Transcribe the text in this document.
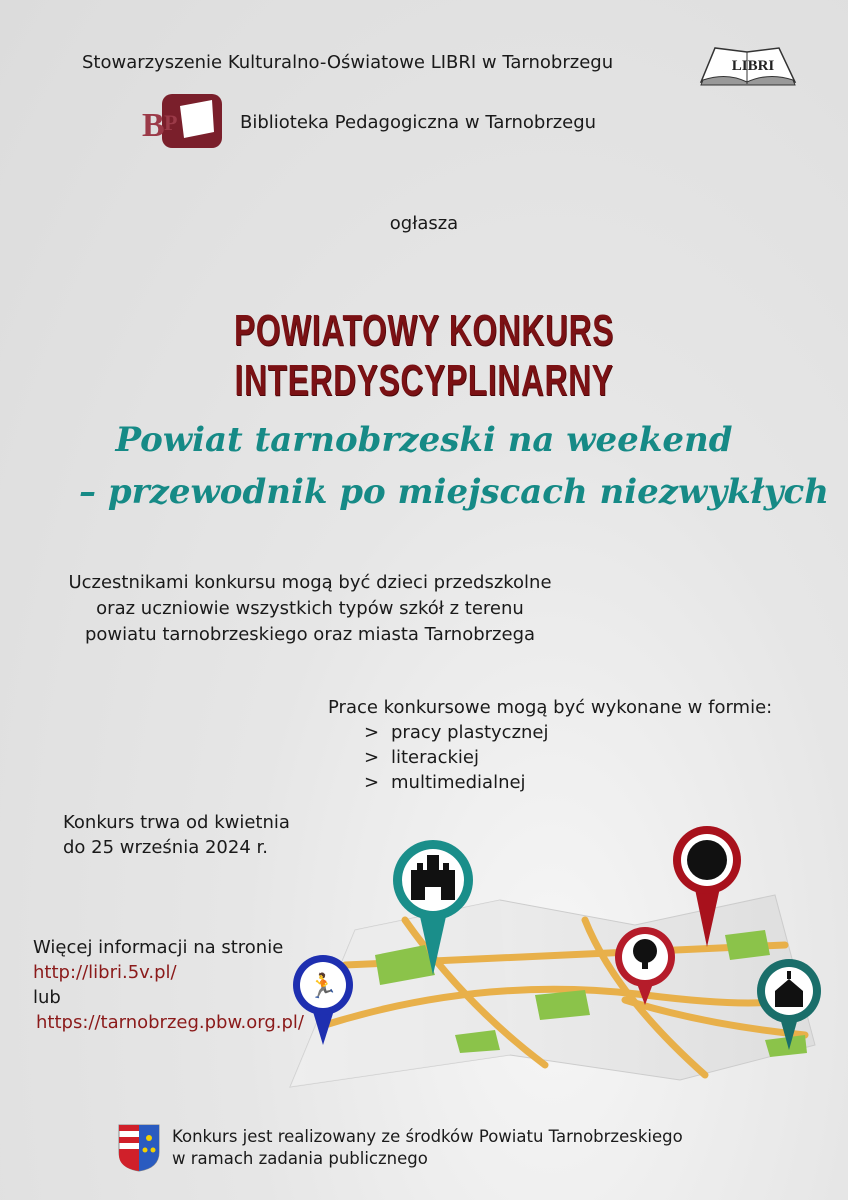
Stowarzyszenie Kulturalno-Oświatowe LIBRI w Tarnobrzegu	LIBRI
B P	Biblioteka Pedagogiczna w Tarnobrzegu
ogłasza
POWIATOWY KONKURS INTERDYSCYPLINARNY
Powiat tarnobrzeski na weekend
– przewodnik po miejscach niezwykłych
Uczestnikami konkursu mogą być dzieci przedszkolne
oraz uczniowie wszystkich typów szkół z terenu
powiatu tarnobrzeskiego oraz miasta Tarnobrzega
Prace konkursowe mogą być wykonane w formie:
> pracy plastycznej
> literackiej
> multimedialnej
Konkurs trwa od kwietnia
do 25 września 2024 r.
Więcej informacji na stronie
http://libri.5v.pl/
lub
https://tarnobrzeg.pbw.org.pl/
🏃
Konkurs jest realizowany ze środków Powiatu Tarnobrzeskiego
w ramach zadania publicznego
